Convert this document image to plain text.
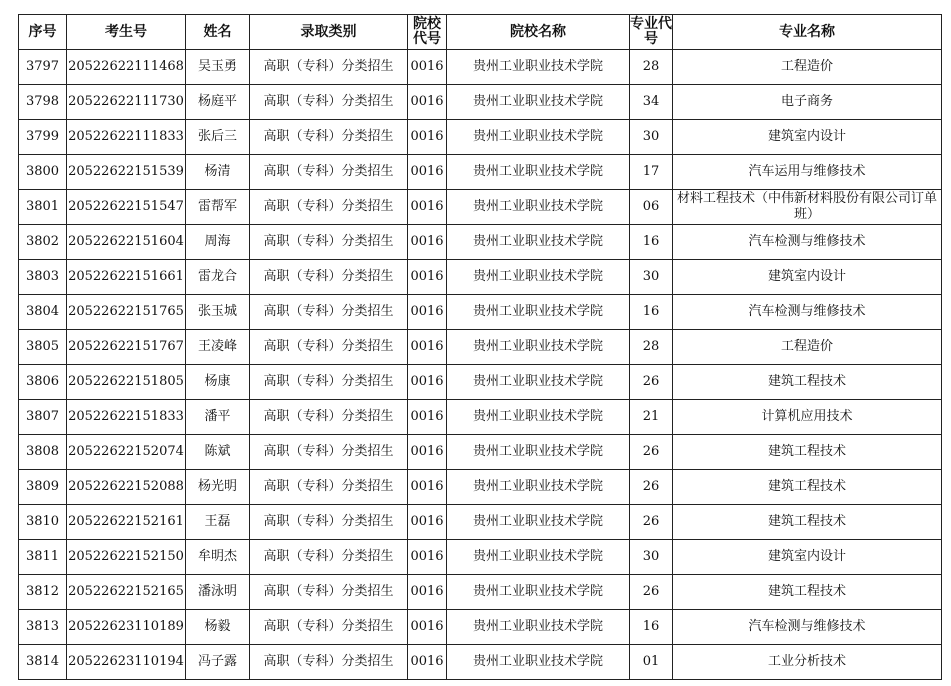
序号	考生号	姓名	录取类别	院校代号	院校名称	专业代号	专业名称
3797	20522622111468	吴玉勇	高职（专科）分类招生	0016	贵州工业职业技术学院	28	工程造价
3798	20522622111730	杨庭平	高职（专科）分类招生	0016	贵州工业职业技术学院	34	电子商务
3799	20522622111833	张后三	高职（专科）分类招生	0016	贵州工业职业技术学院	30	建筑室内设计
3800	20522622151539	杨清	高职（专科）分类招生	0016	贵州工业职业技术学院	17	汽车运用与维修技术
3801	20522622151547	雷帮军	高职（专科）分类招生	0016	贵州工业职业技术学院	06	材料工程技术（中伟新材料股份有限公司订单班）
3802	20522622151604	周海	高职（专科）分类招生	0016	贵州工业职业技术学院	16	汽车检测与维修技术
3803	20522622151661	雷龙合	高职（专科）分类招生	0016	贵州工业职业技术学院	30	建筑室内设计
3804	20522622151765	张玉城	高职（专科）分类招生	0016	贵州工业职业技术学院	16	汽车检测与维修技术
3805	20522622151767	王凌峰	高职（专科）分类招生	0016	贵州工业职业技术学院	28	工程造价
3806	20522622151805	杨康	高职（专科）分类招生	0016	贵州工业职业技术学院	26	建筑工程技术
3807	20522622151833	潘平	高职（专科）分类招生	0016	贵州工业职业技术学院	21	计算机应用技术
3808	20522622152074	陈斌	高职（专科）分类招生	0016	贵州工业职业技术学院	26	建筑工程技术
3809	20522622152088	杨光明	高职（专科）分类招生	0016	贵州工业职业技术学院	26	建筑工程技术
3810	20522622152161	王磊	高职（专科）分类招生	0016	贵州工业职业技术学院	26	建筑工程技术
3811	20522622152150	牟明杰	高职（专科）分类招生	0016	贵州工业职业技术学院	30	建筑室内设计
3812	20522622152165	潘泳明	高职（专科）分类招生	0016	贵州工业职业技术学院	26	建筑工程技术
3813	20522623110189	杨毅	高职（专科）分类招生	0016	贵州工业职业技术学院	16	汽车检测与维修技术
3814	20522623110194	冯子露	高职（专科）分类招生	0016	贵州工业职业技术学院	01	工业分析技术
